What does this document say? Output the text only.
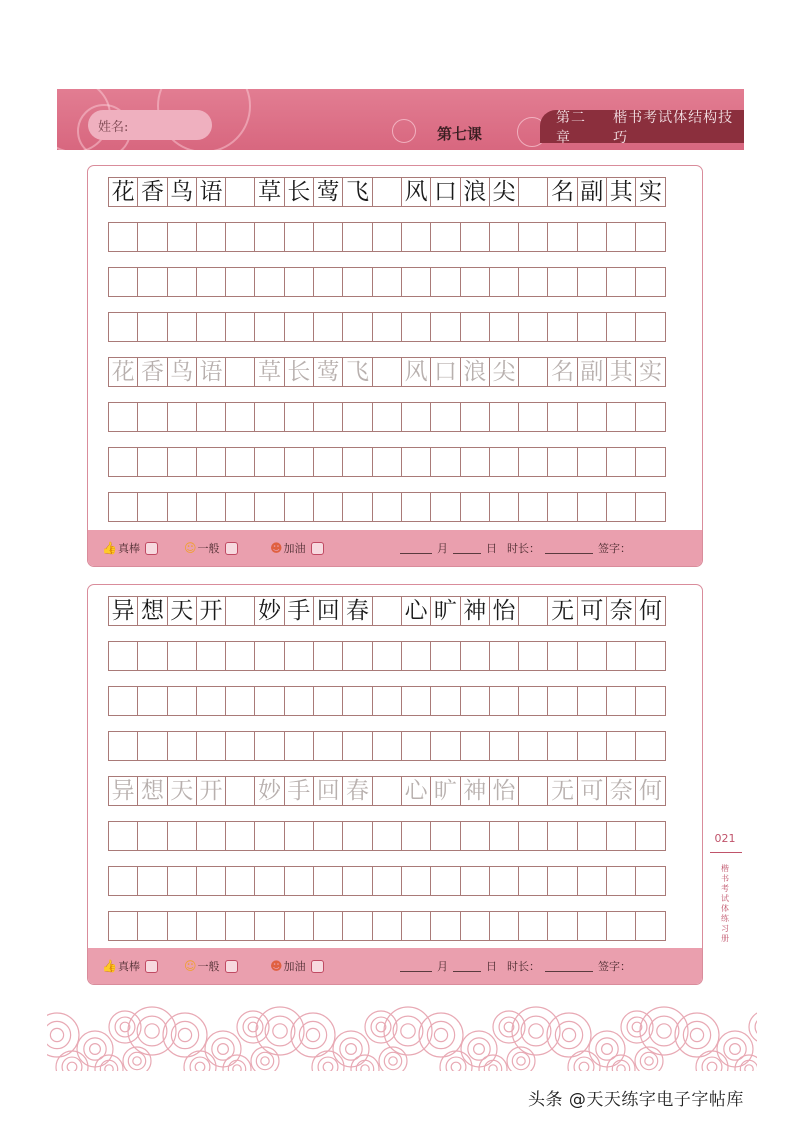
姓名:	第七课
第二章
楷书考试体结构技巧
花 香 鸟 语 草 长 莺 飞 风 口 浪 尖 名 副 其 实
花 香 鸟 语 草 长 莺 飞 风 口 浪 尖 名 副 其 实
👍 真棒	☺ 一般	☻ 加油	月	日 时长：	签字：
异 想 天 开 妙 手 回 春 心 旷 神 怡 无 可 奈 何
异 想 天 开 妙 手 回 春 心 旷 神 怡 无 可 奈 何
👍 真棒	☺ 一般	☻ 加油	月	日 时长：	签字：
021
楷书考试体练习册
头条 @天天练字电子字帖库
